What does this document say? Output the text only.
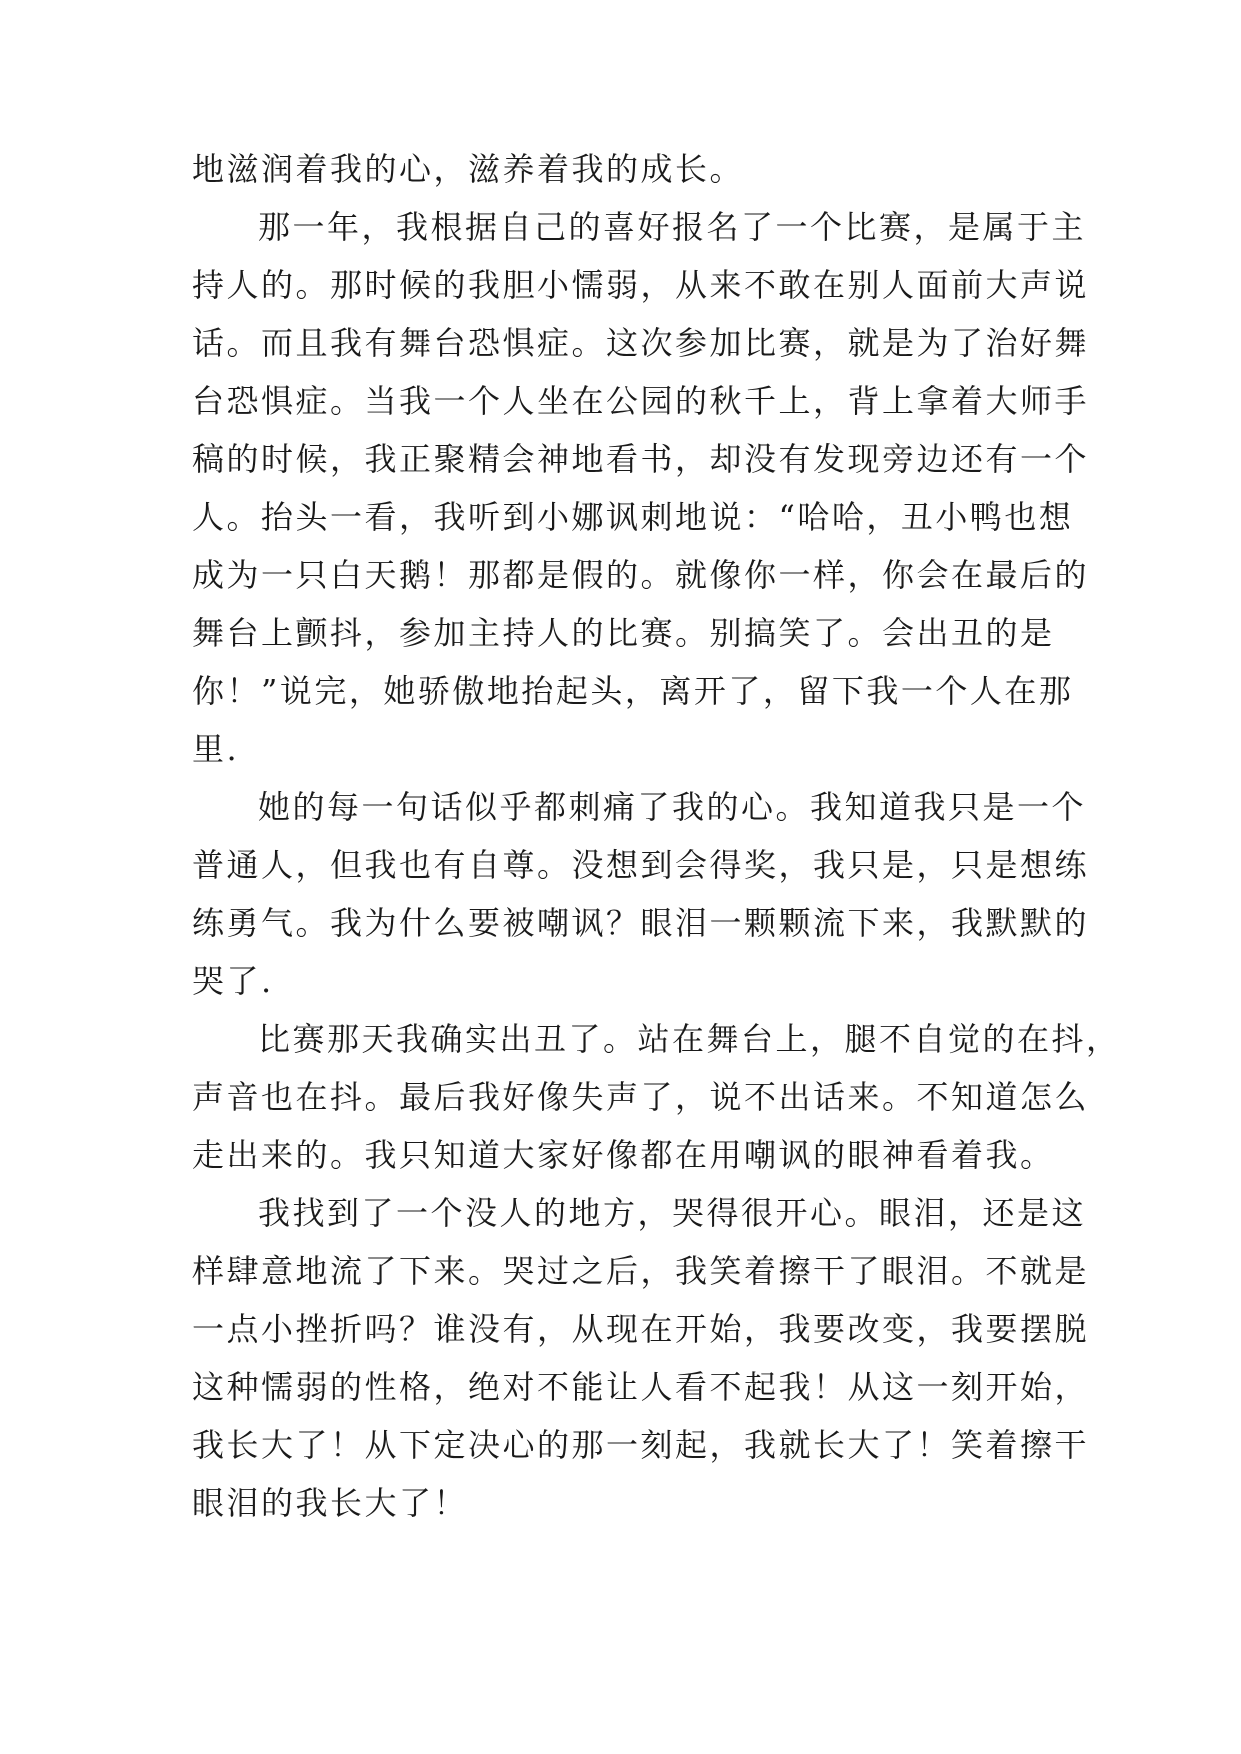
地滋润着我的心，滋养着我的成长。
那一年，我根据自己的喜好报名了一个比赛，是属于主
持人的。那时候的我胆小懦弱，从来不敢在别人面前大声说
话。而且我有舞台恐惧症。这次参加比赛，就是为了治好舞
台恐惧症。当我一个人坐在公园的秋千上，背上拿着大师手
稿的时候，我正聚精会神地看书，却没有发现旁边还有一个
人。抬头一看，我听到小娜讽刺地说：“哈哈，丑小鸭也想
成为一只白天鹅！那都是假的。就像你一样，你会在最后的
舞台上颤抖，参加主持人的比赛。别搞笑了。会出丑的是
你！”说完，她骄傲地抬起头，离开了，留下我一个人在那
里.
她的每一句话似乎都刺痛了我的心。我知道我只是一个
普通人，但我也有自尊。没想到会得奖，我只是，只是想练
练勇气。我为什么要被嘲讽？眼泪一颗颗流下来，我默默的
哭了.
比赛那天我确实出丑了。站在舞台上，腿不自觉的在抖，
声音也在抖。最后我好像失声了，说不出话来。不知道怎么
走出来的。我只知道大家好像都在用嘲讽的眼神看着我。
我找到了一个没人的地方，哭得很开心。眼泪，还是这
样肆意地流了下来。哭过之后，我笑着擦干了眼泪。不就是
一点小挫折吗？谁没有，从现在开始，我要改变，我要摆脱
这种懦弱的性格，绝对不能让人看不起我！从这一刻开始，
我长大了！从下定决心的那一刻起，我就长大了！笑着擦干
眼泪的我长大了！
